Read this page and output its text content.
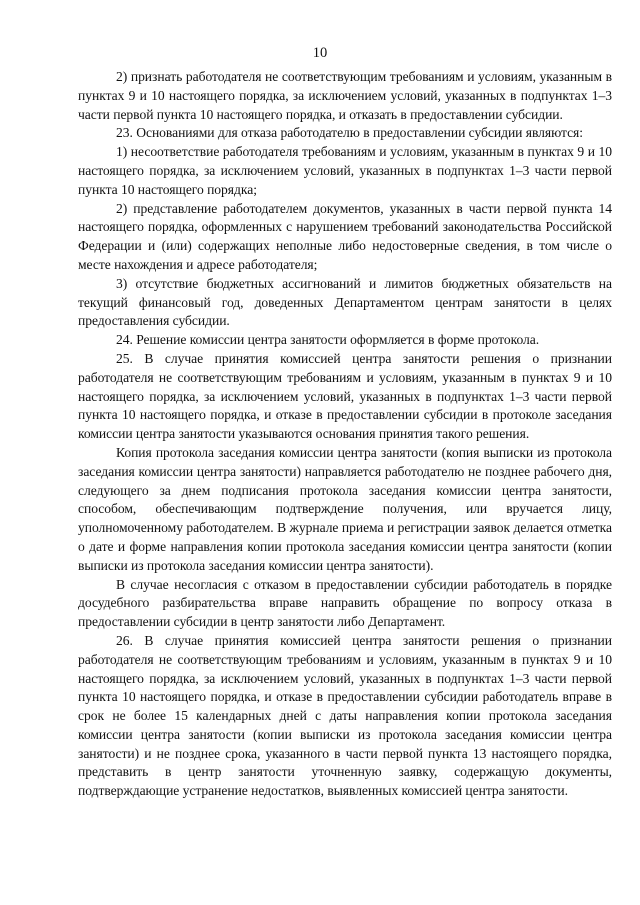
10

2) признать работодателя не соответствующим требованиям и условиям, указанным в пунктах 9 и 10 настоящего порядка, за исключением условий, указанных в подпунктах 1–3 части первой пункта 10 настоящего порядка, и отказать в предоставлении субсидии.

23. Основаниями для отказа работодателю в предоставлении субсидии являются:

1) несоответствие работодателя требованиям и условиям, указанным в пунктах 9 и 10 настоящего порядка, за исключением условий, указанных в подпунктах 1–3 части первой пункта 10 настоящего порядка;

2) представление работодателем документов, указанных в части первой пункта 14 настоящего порядка, оформленных с нарушением требований законодательства Российской Федерации и (или) содержащих неполные либо недостоверные сведения, в том числе о месте нахождения и адресе работодателя;

3) отсутствие бюджетных ассигнований и лимитов бюджетных обязательств на текущий финансовый год, доведенных Департаментом центрам занятости в целях предоставления субсидии.

24. Решение комиссии центра занятости оформляется в форме протокола.

25. В случае принятия комиссией центра занятости решения о признании работодателя не соответствующим требованиям и условиям, указанным в пунктах 9 и 10 настоящего порядка, за исключением условий, указанных в подпунктах 1–3 части первой пункта 10 настоящего порядка, и отказе в предоставлении субсидии в протоколе заседания комиссии центра занятости указываются основания принятия такого решения.

Копия протокола заседания комиссии центра занятости (копия выписки из протокола заседания комиссии центра занятости) направляется работодателю не позднее рабочего дня, следующего за днем подписания протокола заседания комиссии центра занятости, способом, обеспечивающим подтверждение получения, или вручается лицу, уполномоченному работодателем. В журнале приема и регистрации заявок делается отметка о дате и форме направления копии протокола заседания комиссии центра занятости (копии выписки из протокола заседания комиссии центра занятости).

В случае несогласия с отказом в предоставлении субсидии работодатель в порядке досудебного разбирательства вправе направить обращение по вопросу отказа в предоставлении субсидии в центр занятости либо Департамент.

26. В случае принятия комиссией центра занятости решения о признании работодателя не соответствующим требованиям и условиям, указанным в пунктах 9 и 10 настоящего порядка, за исключением условий, указанных в подпунктах 1–3 части первой пункта 10 настоящего порядка, и отказе в предоставлении субсидии работодатель вправе в срок не более 15 календарных дней с даты направления копии протокола заседания комиссии центра занятости (копии выписки из протокола заседания комиссии центра занятости) и не позднее срока, указанного в части первой пункта 13 настоящего порядка, представить в центр занятости уточненную заявку, содержащую документы, подтверждающие устранение недостатков, выявленных комиссией центра занятости.
